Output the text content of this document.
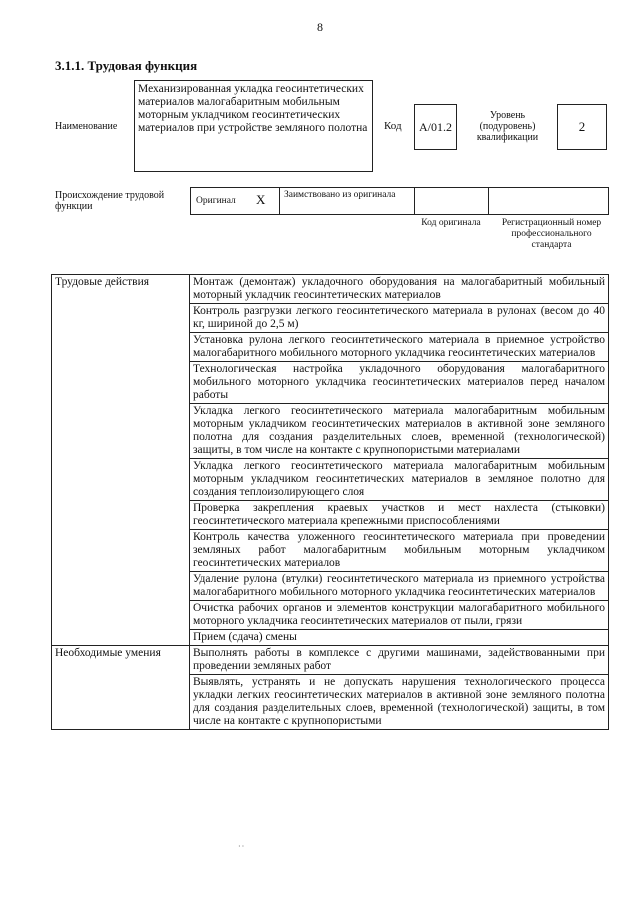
8
3.1.1. Трудовая функция
Наименование
Механизированная укладка геосинтетических материалов малогабаритным мобильным моторным укладчиком геосинтетических материалов при устройстве земляного полотна	Код	A/01.2
Уровень (подуровень) квалификации
2
Происхождение трудовой функции	Оригинал X Заимствовано из оригинала
Код оригинала	Регистрационный номер профессионального стандарта
Трудовые действия	Монтаж (демонтаж) укладочного оборудования на малогабаритный мобильный моторный укладчик геосинтетических материалов
	Контроль разгрузки легкого геосинтетического материала в рулонах (весом до 40 кг, шириной до 2,5 м)
	Установка рулона легкого геосинтетического материала в приемное устройство малогабаритного мобильного моторного укладчика геосинтетических материалов
	Технологическая настройка укладочного оборудования малогабаритного мобильного моторного укладчика геосинтетических материалов перед началом работы
	Укладка легкого геосинтетического материала малогабаритным мобильным моторным укладчиком геосинтетических материалов в активной зоне земляного полотна для создания разделительных слоев, временной (технологической) защиты, в том числе на контакте с крупнопористыми материалами
	Укладка легкого геосинтетического материала малогабаритным мобильным моторным укладчиком геосинтетических материалов в земляное полотно для создания теплоизолирующего слоя
	Проверка закрепления краевых участков и мест нахлеста (стыковки) геосинтетического материала крепежными приспособлениями
	Контроль качества уложенного геосинтетического материала при проведении земляных работ малогабаритным мобильным моторным укладчиком геосинтетических материалов
	Удаление рулона (втулки) геосинтетического материала из приемного устройства малогабаритного мобильного моторного укладчика геосинтетических материалов
	Очистка рабочих органов и элементов конструкции малогабаритного мобильного моторного укладчика геосинтетических материалов от пыли, грязи
	Прием (сдача) смены
Необходимые умения	Выполнять работы в комплексе с другими машинами, задействованными при проведении земляных работ
	Выявлять, устранять и не допускать нарушения технологического процесса укладки легких геосинтетических материалов в активной зоне земляного полотна для создания разделительных слоев, временной (технологической) защиты, в том числе на контакте с крупнопористыми
··
